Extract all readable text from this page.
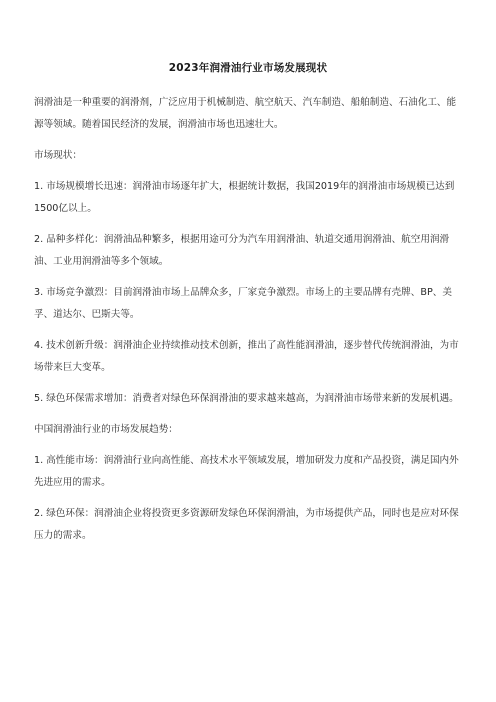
2023年润滑油行业市场发展现状

润滑油是一种重要的润滑剂，广泛应用于机械制造、航空航天、汽车制造、船舶制造、石油化工、能源等领域。随着国民经济的发展，润滑油市场也迅速壮大。

市场现状：

1. 市场规模增长迅速：润滑油市场逐年扩大，根据统计数据，我国2019年的润滑油市场规模已达到1500亿以上。

2. 品种多样化：润滑油品种繁多，根据用途可分为汽车用润滑油、轨道交通用润滑油、航空用润滑油、工业用润滑油等多个领域。

3. 市场竞争激烈：目前润滑油市场上品牌众多，厂家竞争激烈。市场上的主要品牌有壳牌、BP、美孚、道达尔、巴斯夫等。

4. 技术创新升级：润滑油企业持续推动技术创新，推出了高性能润滑油，逐步替代传统润滑油，为市场带来巨大变革。

5. 绿色环保需求增加：消费者对绿色环保润滑油的要求越来越高，为润滑油市场带来新的发展机遇。

中国润滑油行业的市场发展趋势：

1. 高性能市场：润滑油行业向高性能、高技术水平领域发展，增加研发力度和产品投资，满足国内外先进应用的需求。

2. 绿色环保：润滑油企业将投资更多资源研发绿色环保润滑油，为市场提供产品，同时也是应对环保压力的需求。
